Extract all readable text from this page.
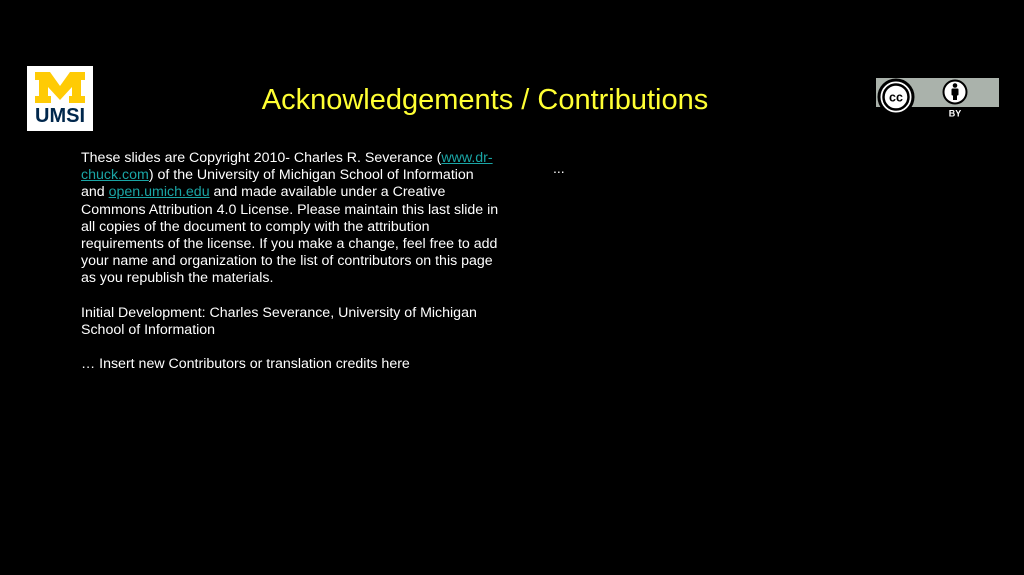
UMSI	Acknowledgements / Contributions	cc
BY

These slides are Copyright 2010- Charles R. Severance (www.dr-chuck.com) of the University of Michigan School of Information and open.umich.edu and made available under a Creative Commons Attribution 4.0 License. Please maintain this last slide in all copies of the document to comply with the attribution requirements of the license. If you make a change, feel free to add your name and organization to the list of contributors on this page as you republish the materials.

Initial Development: Charles Severance, University of Michigan School of Information

… Insert new Contributors or translation credits here

...
